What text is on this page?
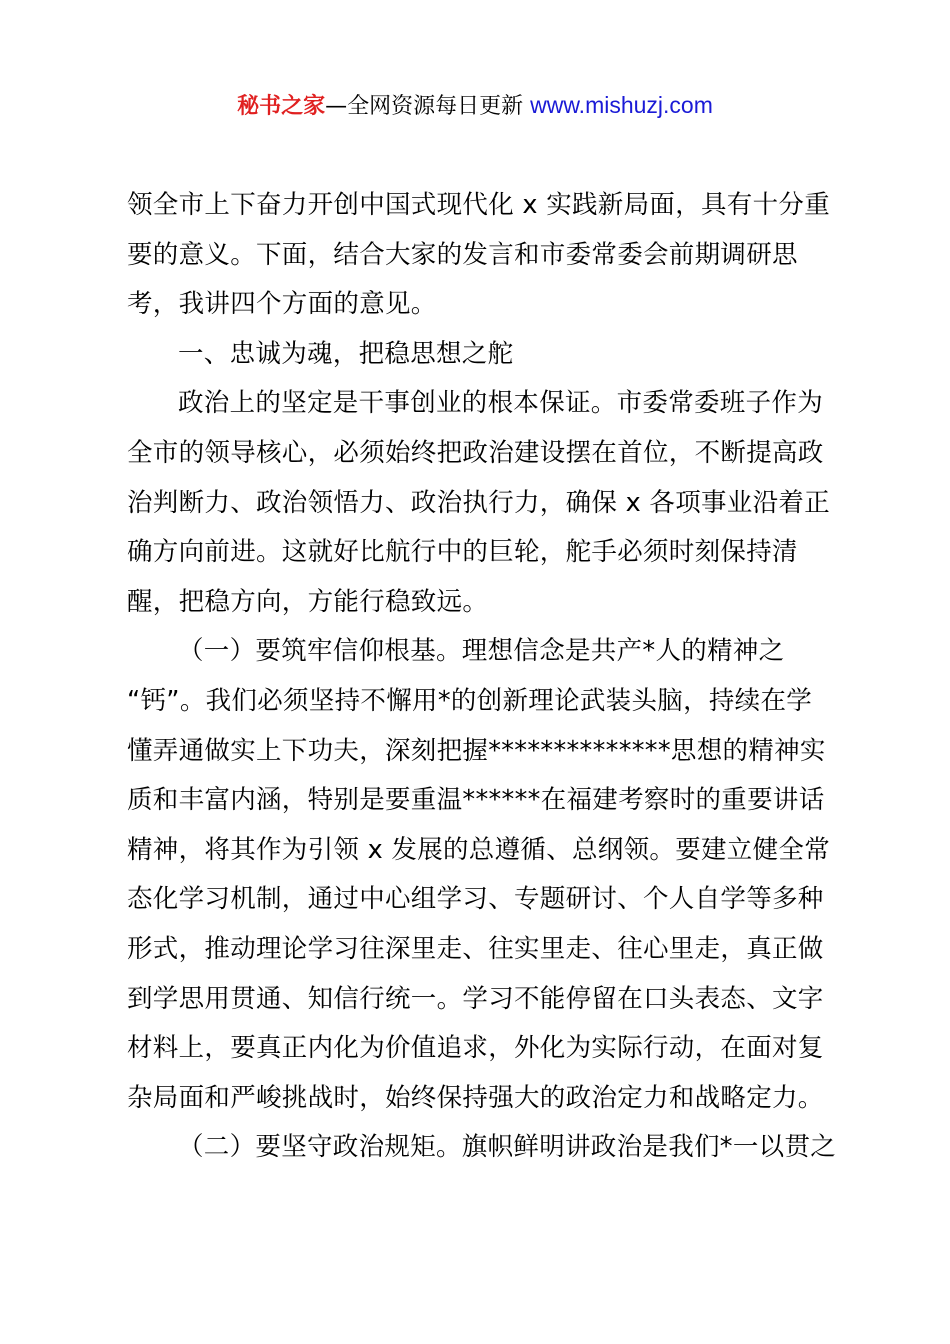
秘书之家—全网资源每日更新 www.mishuzj.com
领全市上下奋力开创中国式现代化 x 实践新局面，具有十分重
要的意义。下面，结合大家的发言和市委常委会前期调研思
考，我讲四个方面的意见。
一、忠诚为魂，把稳思想之舵
政治上的坚定是干事创业的根本保证。市委常委班子作为
全市的领导核心，必须始终把政治建设摆在首位，不断提高政
治判断力、政治领悟力、政治执行力，确保 x 各项事业沿着正
确方向前进。这就好比航行中的巨轮，舵手必须时刻保持清
醒，把稳方向，方能行稳致远。
（一）要筑牢信仰根基。理想信念是共产*人的精神之
“钙”。我们必须坚持不懈用*的创新理论武装头脑，持续在学
懂弄通做实上下功夫，深刻把握**************思想的精神实
质和丰富内涵，特别是要重温******在福建考察时的重要讲话
精神，将其作为引领 x 发展的总遵循、总纲领。要建立健全常
态化学习机制，通过中心组学习、专题研讨、个人自学等多种
形式，推动理论学习往深里走、往实里走、往心里走，真正做
到学思用贯通、知信行统一。学习不能停留在口头表态、文字
材料上，要真正内化为价值追求，外化为实际行动，在面对复
杂局面和严峻挑战时，始终保持强大的政治定力和战略定力。
（二）要坚守政治规矩。旗帜鲜明讲政治是我们*一以贯之
